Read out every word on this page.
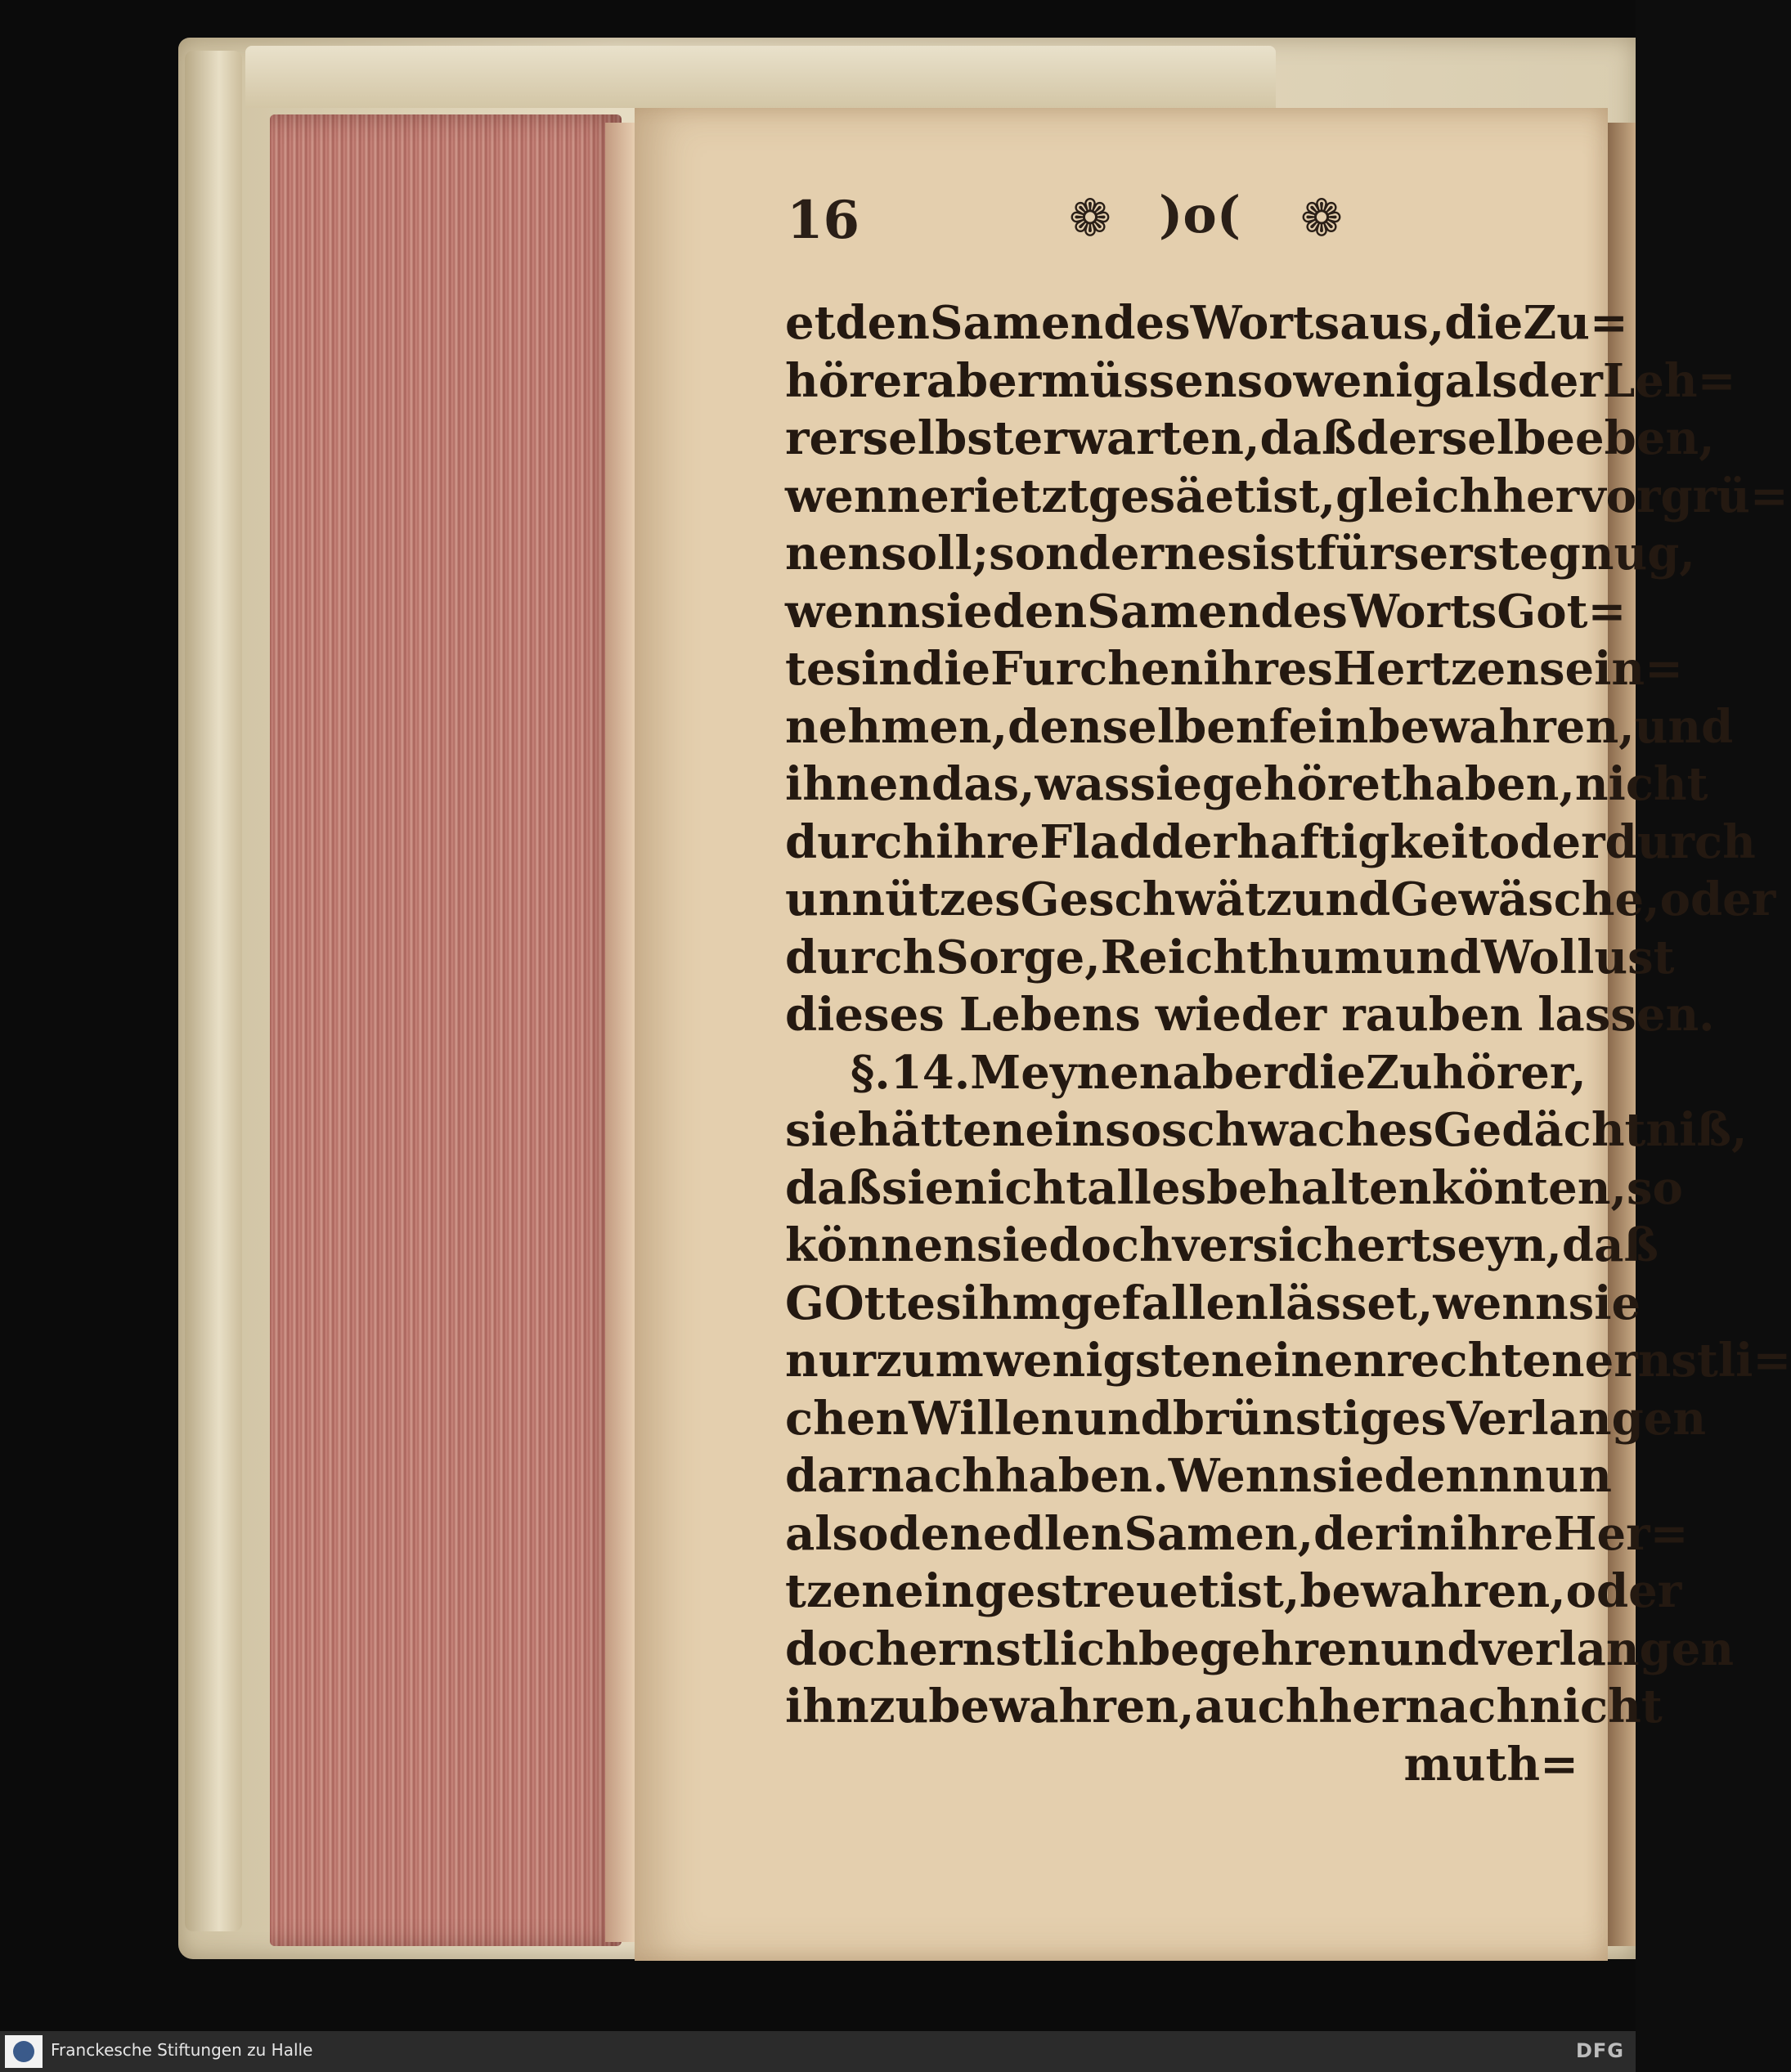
16	❁ )o( ❁
et den Samen des Worts aus, die Zu=
hörer aber müssen so wenig als der Leh=
rer selbst erwarten, daß derselbe eben,
wenn er ietzt gesäet ist, gleich hervorgrü=
nen soll; sondern es ist fürs erste gnug,
wenn sie den Samen des Worts Got=
tes in die Furchen ihres Hertzens ein=
nehmen, denselben fein bewahren, und
ihnen das, was sie gehöret haben, nicht
durch ihre Fladderhaftigkeit oder durch
unnützes Geschwätz und Gewäsche, oder
durch Sorge, Reichthum und Wollust
dieses Lebens wieder rauben lassen.
§. 14. Meynen aber die Zuhörer,
sie hätten ein so schwaches Gedächtniß,
daß sie nicht alles behalten könten, so
können sie doch versichert seyn, daß
GOtt es ihm gefallen lässet, wenn sie
nur zum wenigsten einen rechten ernstli=
chen Willen und brünstiges Verlangen
darnach haben. Wenn sie denn nun
also den edlen Samen, der in ihre Her=
tzen eingestreuet ist, bewahren, oder
doch ernstlich begehren und verlangen
ihn zu bewahren, auch hernach nicht
muth=
Franckesche Stiftungen zu Halle	DFG
